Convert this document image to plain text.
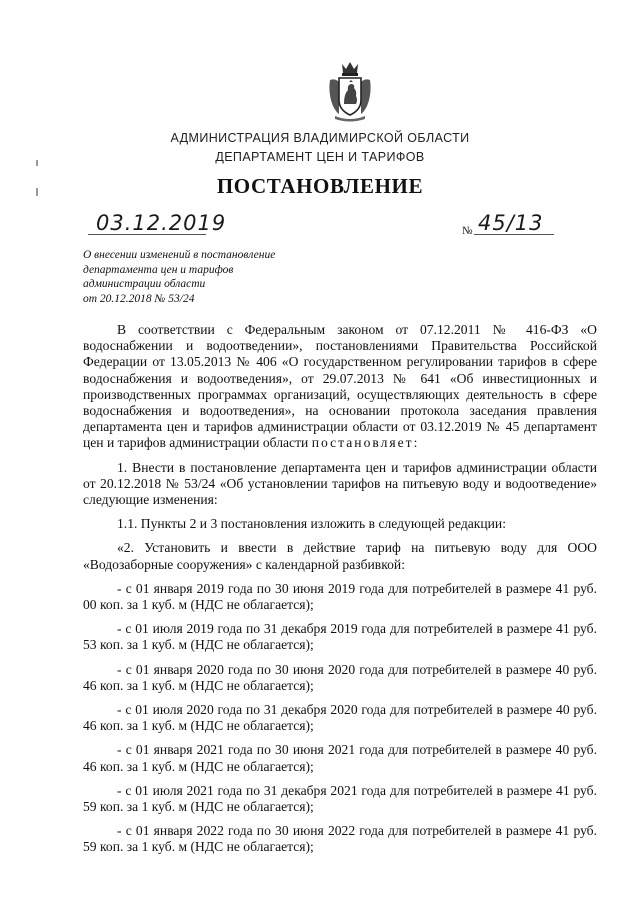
АДМИНИСТРАЦИЯ ВЛАДИМИРСКОЙ ОБЛАСТИ
ДЕПАРТАМЕНТ ЦЕН И ТАРИФОВ
ПОСТАНОВЛЕНИЕ
03.12.2019	№ 45/13
О внесении изменений в постановление
департамента цен и тарифов
администрации области
от 20.12.2018 № 53/24

В соответствии с Федеральным законом от 07.12.2011 № 416-ФЗ «О водоснабжении и водоотведении», постановлениями Правительства Российской Федерации от 13.05.2013 № 406 «О государственном регулировании тарифов в сфере водоснабжения и водоотведения», от 29.07.2013 № 641 «Об инвестиционных и производственных программах организаций, осуществляющих деятельность в сфере водоснабжения и водоотведения», на основании протокола заседания правления департамента цен и тарифов администрации области от 03.12.2019 № 45 департамент цен и тарифов администрации области постановляет:

1. Внести в постановление департамента цен и тарифов администрации области от 20.12.2018 № 53/24 «Об установлении тарифов на питьевую воду и водоотведение» следующие изменения:

1.1. Пункты 2 и 3 постановления изложить в следующей редакции:

«2. Установить и ввести в действие тариф на питьевую воду для ООО «Водозаборные сооружения» с календарной разбивкой:

- с 01 января 2019 года по 30 июня 2019 года для потребителей в размере 41 руб. 00 коп. за 1 куб. м (НДС не облагается);

- с 01 июля 2019 года по 31 декабря 2019 года для потребителей в размере 41 руб. 53 коп. за 1 куб. м (НДС не облагается);

- с 01 января 2020 года по 30 июня 2020 года для потребителей в размере 40 руб. 46 коп. за 1 куб. м (НДС не облагается);

- с 01 июля 2020 года по 31 декабря 2020 года для потребителей в размере 40 руб. 46 коп. за 1 куб. м (НДС не облагается);

- с 01 января 2021 года по 30 июня 2021 года для потребителей в размере 40 руб. 46 коп. за 1 куб. м (НДС не облагается);

- с 01 июля 2021 года по 31 декабря 2021 года для потребителей в размере 41 руб. 59 коп. за 1 куб. м (НДС не облагается);

- с 01 января 2022 года по 30 июня 2022 года для потребителей в размере 41 руб. 59 коп. за 1 куб. м (НДС не облагается);
